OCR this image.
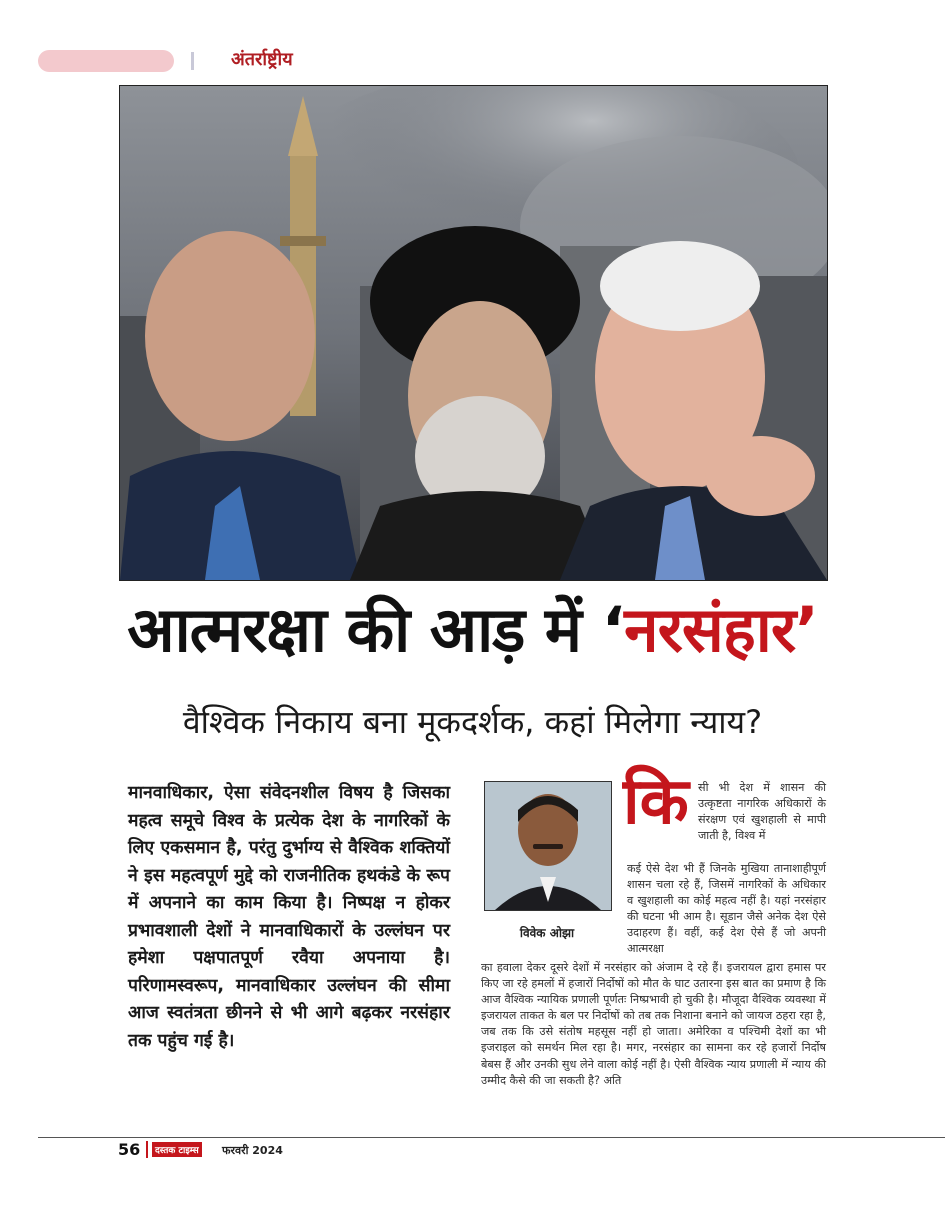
अंतर्राष्ट्रीय
आत्मरक्षा की आड़ में ‘नरसंहार’
वैश्विक निकाय बना मूकदर्शक, कहां मिलेगा न्याय?
मानवाधिकार, ऐसा संवेदनशील विषय है जिसका महत्व समूचे विश्व के प्रत्येक देश के नागरिकों के लिए एकसमान है, परंतु दुर्भाग्य से वैश्विक शक्तियों ने इस महत्वपूर्ण मुद्दे को राजनीतिक हथकंडे के रूप में अपनाने का काम किया है। निष्पक्ष न होकर प्रभावशाली देशों ने मानवाधिकारों के उल्लंघन पर हमेशा पक्षपातपूर्ण रवैया अपनाया है। परिणामस्वरूप, मानवाधिकार उल्लंघन की सीमा आज स्वतंत्रता छीनने से भी आगे बढ़कर नरसंहार तक पहुंच गई है।
विवेक ओझा
कि सी भी देश में शासन की उत्कृष्टता नागरिक अधिकारों के संरक्षण एवं खुशहाली से मापी जाती है, विश्व में
कई ऐसे देश भी हैं जिनके मुखिया तानाशाहीपूर्ण शासन चला रहे हैं, जिसमें नागरिकों के अधिकार व खुशहाली का कोई महत्व नहीं है। यहां नरसंहार की घटना भी आम है। सूडान जैसे अनेक देश ऐसे उदाहरण हैं। वहीं, कई देश ऐसे हैं जो अपनी आत्मरक्षा
का हवाला देकर दूसरे देशों में नरसंहार को अंजाम दे रहे हैं। इजरायल द्वारा हमास पर किए जा रहे हमलों में हजारों निर्दोषों को मौत के घाट उतारना इस बात का प्रमाण है कि आज वैश्विक न्यायिक प्रणाली पूर्णतः निष्प्रभावी हो चुकी है। मौजूदा वैश्विक व्यवस्था में इजरायल ताकत के बल पर निर्दोषों को तब तक निशाना बनाने को जायज ठहरा रहा है, जब तक कि उसे संतोष महसूस नहीं हो जाता। अमेरिका व पश्चिमी देशों का भी इजराइल को समर्थन मिल रहा है। मगर, नरसंहार का सामना कर रहे हजारों निर्दोष बेबस हैं और उनकी सुध लेने वाला कोई नहीं है। ऐसी वैश्विक न्याय प्रणाली में न्याय की उम्मीद कैसे की जा सकती है? अति
56	दस्तक टाइम्स फरवरी 2024
